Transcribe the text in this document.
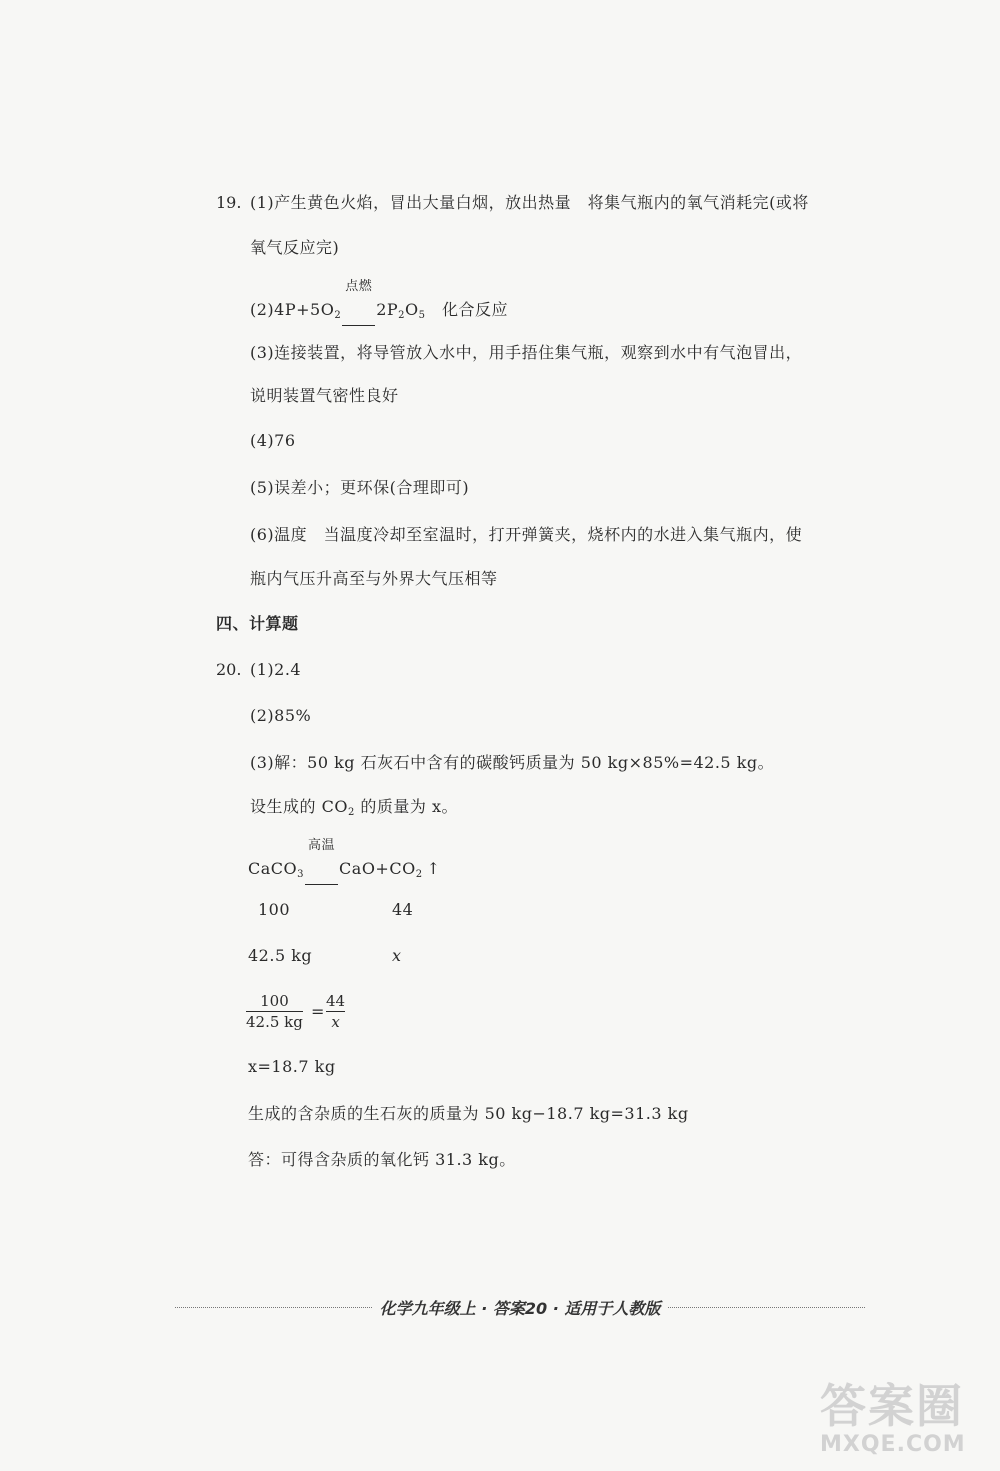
19. (1)产生黄色火焰，冒出大量白烟，放出热量　将集气瓶内的氧气消耗完(或将
氧气反应完)
$(2)4P+5O_2$
点燃
$2P_2O_5$　化合反应
(3)连接装置，将导管放入水中，用手捂住集气瓶，观察到水中有气泡冒出，
说明装置气密性良好
(4)76
(5)误差小；更环保(合理即可)
(6)温度　当温度冷却至室温时，打开弹簧夹，烧杯内的水进入集气瓶内，使
瓶内气压升高至与外界大气压相等
四、计算题
20. (1)2.4
(2)85%
(3)解：50 kg 石灰石中含有的碳酸钙质量为 50 kg×85%=42.5 kg。
设生成的 $CO_2$ 的质量为 x。
CaCO$_3$
高温
$CaO+CO_2$ ↑
100	44
42.5 kg	x
100
42.5 kg
=
44
x
x=18.7 kg
生成的含杂质的生石灰的质量为 50 kg−18.7 kg=31.3 kg
答：可得含杂质的氧化钙 31.3 kg。
化学九年级上 · 答案20 · 适用于人教版
答案圈
MXQE.COM
